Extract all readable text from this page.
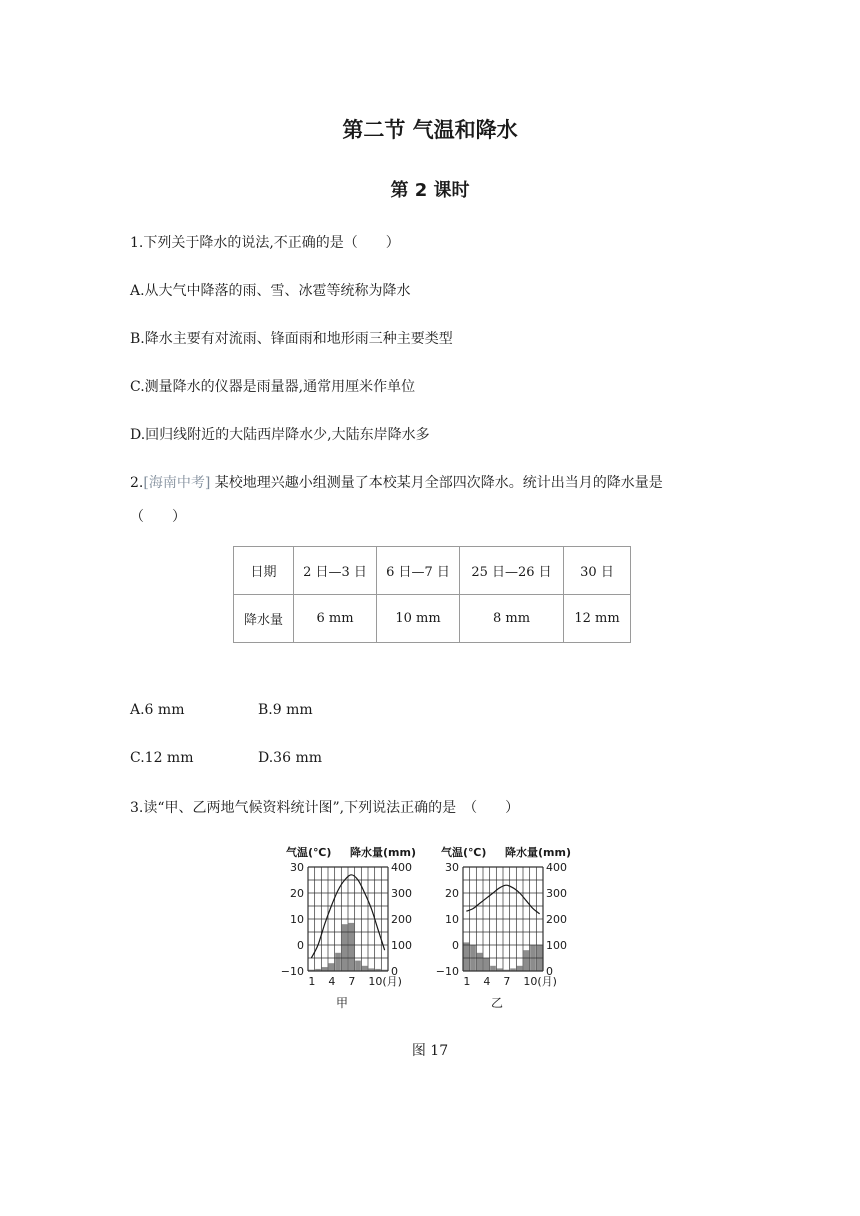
第二节 气温和降水
第 2 课时
1.下列关于降水的说法,不正确的是（　　）
A.从大气中降落的雨、雪、冰雹等统称为降水
B.降水主要有对流雨、锋面雨和地形雨三种主要类型
C.测量降水的仪器是雨量器,通常用厘米作单位
D.回归线附近的大陆西岸降水少,大陆东岸降水多
2.[海南中考] 某校地理兴趣小组测量了本校某月全部四次降水。统计出当月的降水量是
（　　）
日期	2 日—3 日	6 日—7 日	25 日—26 日	30 日
降水量	6 mm	10 mm	8 mm	12 mm
A.6 mm	B.9 mm
C.12 mm	D.36 mm
3.读“甲、乙两地气候资料统计图”,下列说法正确的是　（　　）
气温(℃) 降水量(mm)
30
20
10
0
−10
400
300
200
100
0
1 4 7 10(月)
甲
气温(℃) 降水量(mm)
30
20
10
0
−10
400
300
200
100
0
1 4 7 10(月)
乙
图 17
